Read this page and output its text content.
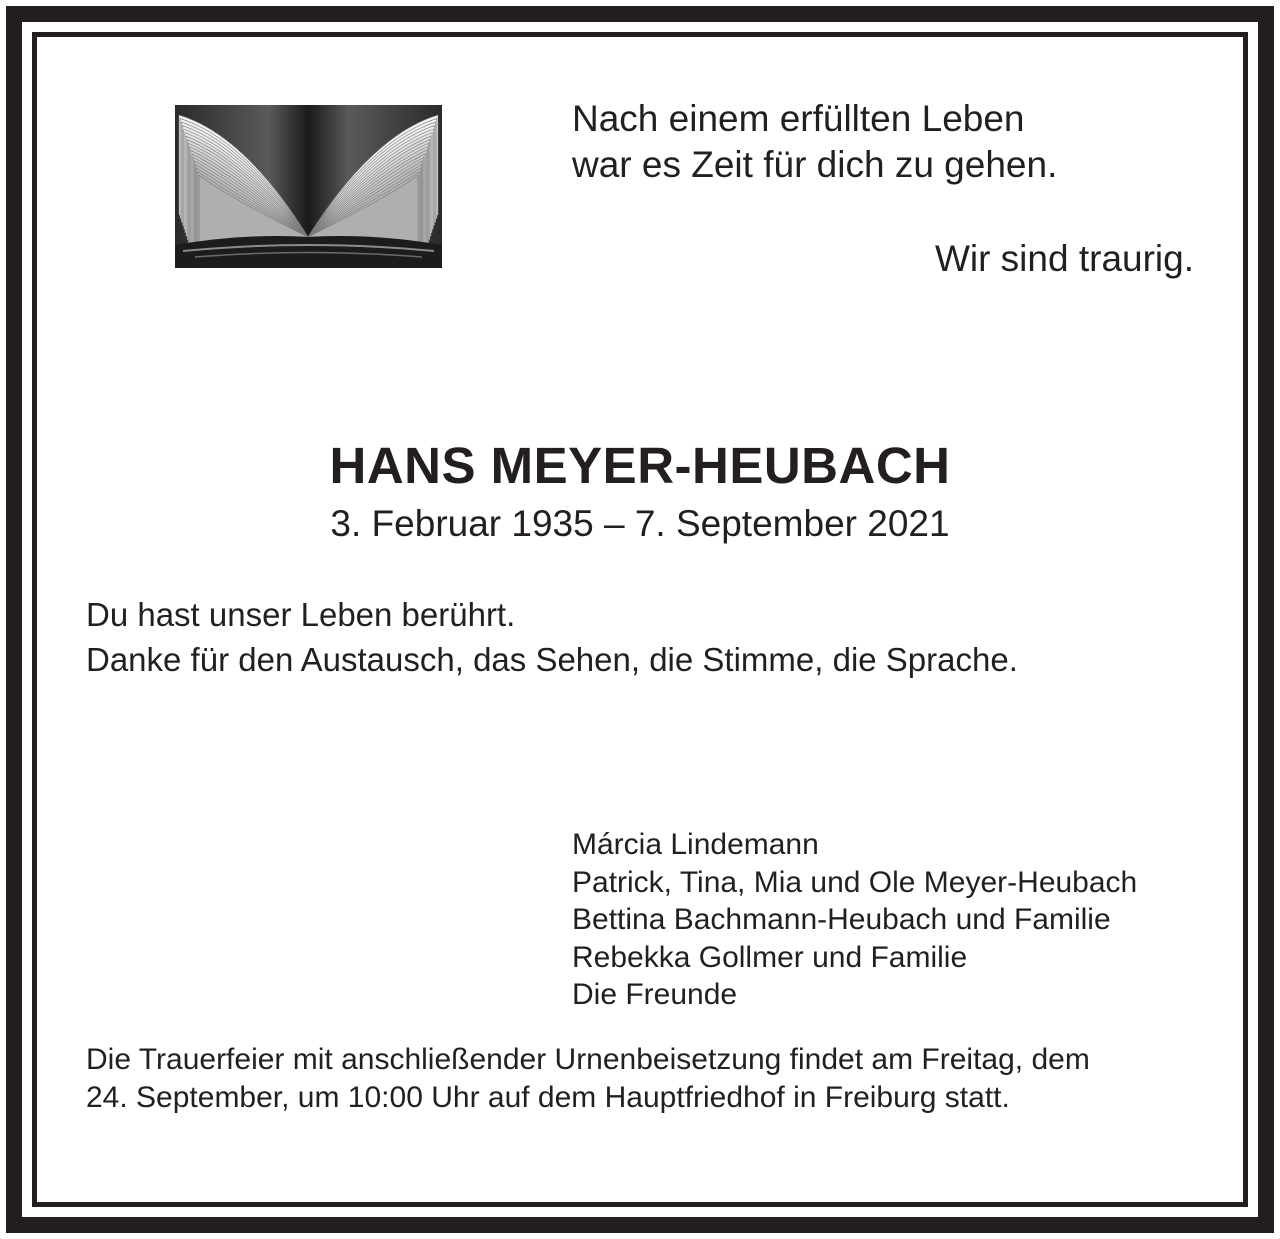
Nach einem erfüllten Leben
war es Zeit für dich zu gehen.

Wir sind traurig.

HANS MEYER-HEUBACH

3. Februar 1935 – 7. September 2021

Du hast unser Leben berührt.
Danke für den Austausch, das Sehen, die Stimme, die Sprache.

Márcia Lindemann
Patrick, Tina, Mia und Ole Meyer-Heubach
Bettina Bachmann-Heubach und Familie
Rebekka Gollmer und Familie
Die Freunde

Die Trauerfeier mit anschließender Urnenbeisetzung findet am Freitag, dem
24. September, um 10:00 Uhr auf dem Hauptfriedhof in Freiburg statt.
